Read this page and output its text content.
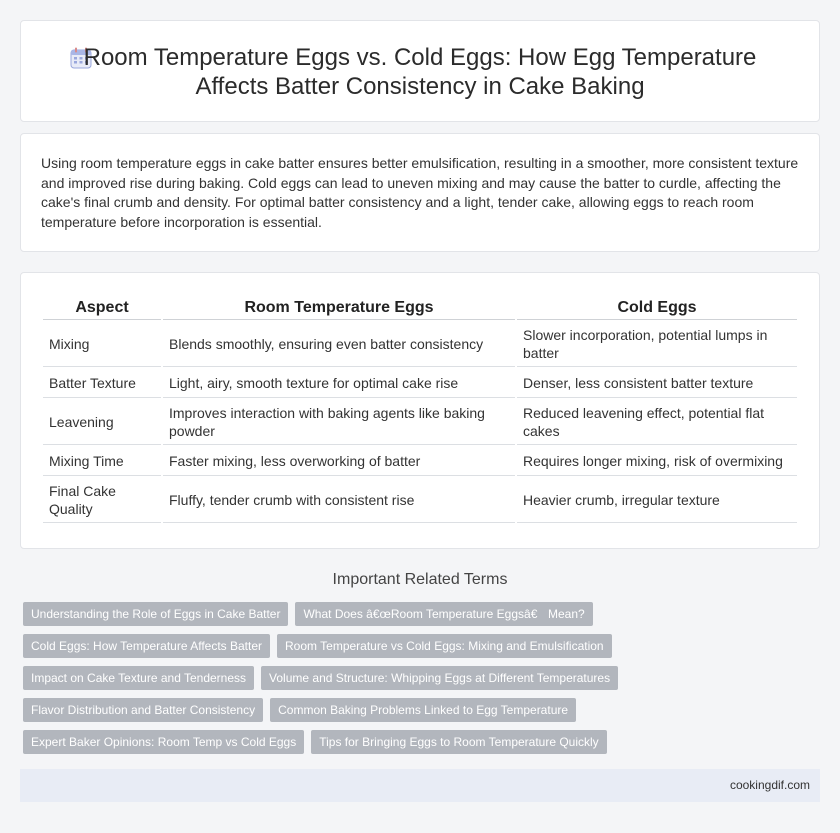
Room Temperature Eggs vs. Cold Eggs: How Egg Temperature
Affects Batter Consistency in Cake Baking

Using room temperature eggs in cake batter ensures better emulsification, resulting in a smoother, more consistent texture and improved rise during baking. Cold eggs can lead to uneven mixing and may cause the batter to curdle, affecting the cake's final crumb and density. For optimal batter consistency and a light, tender cake, allowing eggs to reach room temperature before incorporation is essential.

Aspect	Room Temperature Eggs	Cold Eggs
Mixing	Blends smoothly, ensuring even batter consistency	Slower incorporation, potential lumps in batter
Batter Texture	Light, airy, smooth texture for optimal cake rise	Denser, less consistent batter texture
Leavening	Improves interaction with baking agents like baking powder	Reduced leavening effect, potential flat cakes
Mixing Time	Faster mixing, less overworking of batter	Requires longer mixing, risk of overmixing
Final Cake Quality	Fluffy, tender crumb with consistent rise	Heavier crumb, irregular texture
Important Related Terms
Understanding the Role of Eggs in Cake Batter	What Does â€œRoom Temperature Eggsâ€ Mean?
Cold Eggs: How Temperature Affects Batter	Room Temperature vs Cold Eggs: Mixing and Emulsification
Impact on Cake Texture and Tenderness	Volume and Structure: Whipping Eggs at Different Temperatures
Flavor Distribution and Batter Consistency	Common Baking Problems Linked to Egg Temperature
Expert Baker Opinions: Room Temp vs Cold Eggs	Tips for Bringing Eggs to Room Temperature Quickly
cookingdif.com
